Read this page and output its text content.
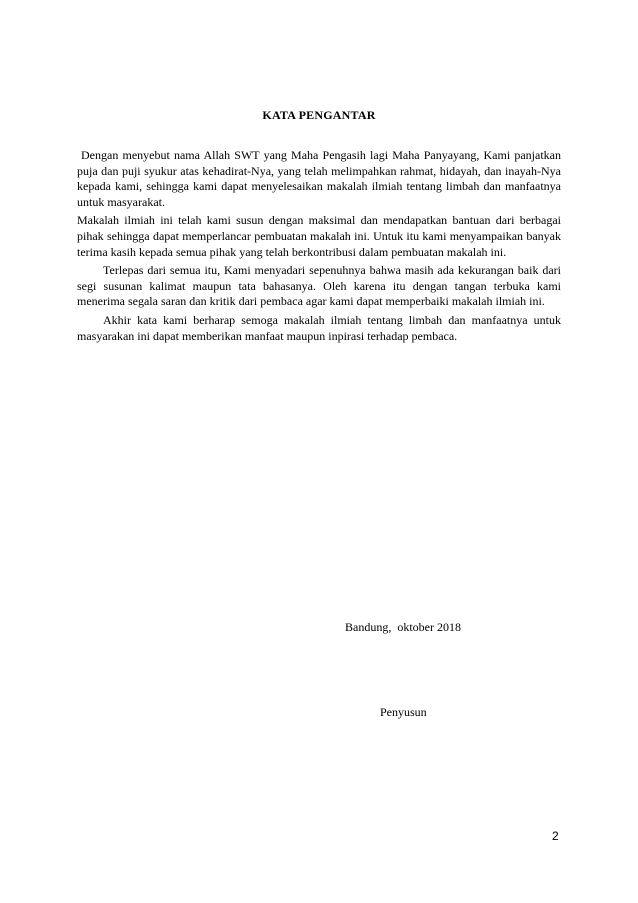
KATA PENGANTAR

Dengan menyebut nama Allah SWT yang Maha Pengasih lagi Maha Panyayang, Kami panjatkan puja dan puji syukur atas kehadirat-Nya, yang telah melimpahkan rahmat, hidayah, dan inayah-Nya kepada kami, sehingga kami dapat menyelesaikan makalah ilmiah tentang limbah dan manfaatnya untuk masyarakat.

Makalah ilmiah ini telah kami susun dengan maksimal dan mendapatkan bantuan dari berbagai pihak sehingga dapat memperlancar pembuatan makalah ini. Untuk itu kami menyampaikan banyak terima kasih kepada semua pihak yang telah berkontribusi dalam pembuatan makalah ini.

Terlepas dari semua itu, Kami menyadari sepenuhnya bahwa masih ada kekurangan baik dari segi susunan kalimat maupun tata bahasanya. Oleh karena itu dengan tangan terbuka kami menerima segala saran dan kritik dari pembaca agar kami dapat memperbaiki makalah ilmiah ini.

Akhir kata kami berharap semoga makalah ilmiah tentang limbah dan manfaatnya untuk masyarakan ini dapat memberikan manfaat maupun inpirasi terhadap pembaca.

Bandung,  oktober 2018
Penyusun
2
